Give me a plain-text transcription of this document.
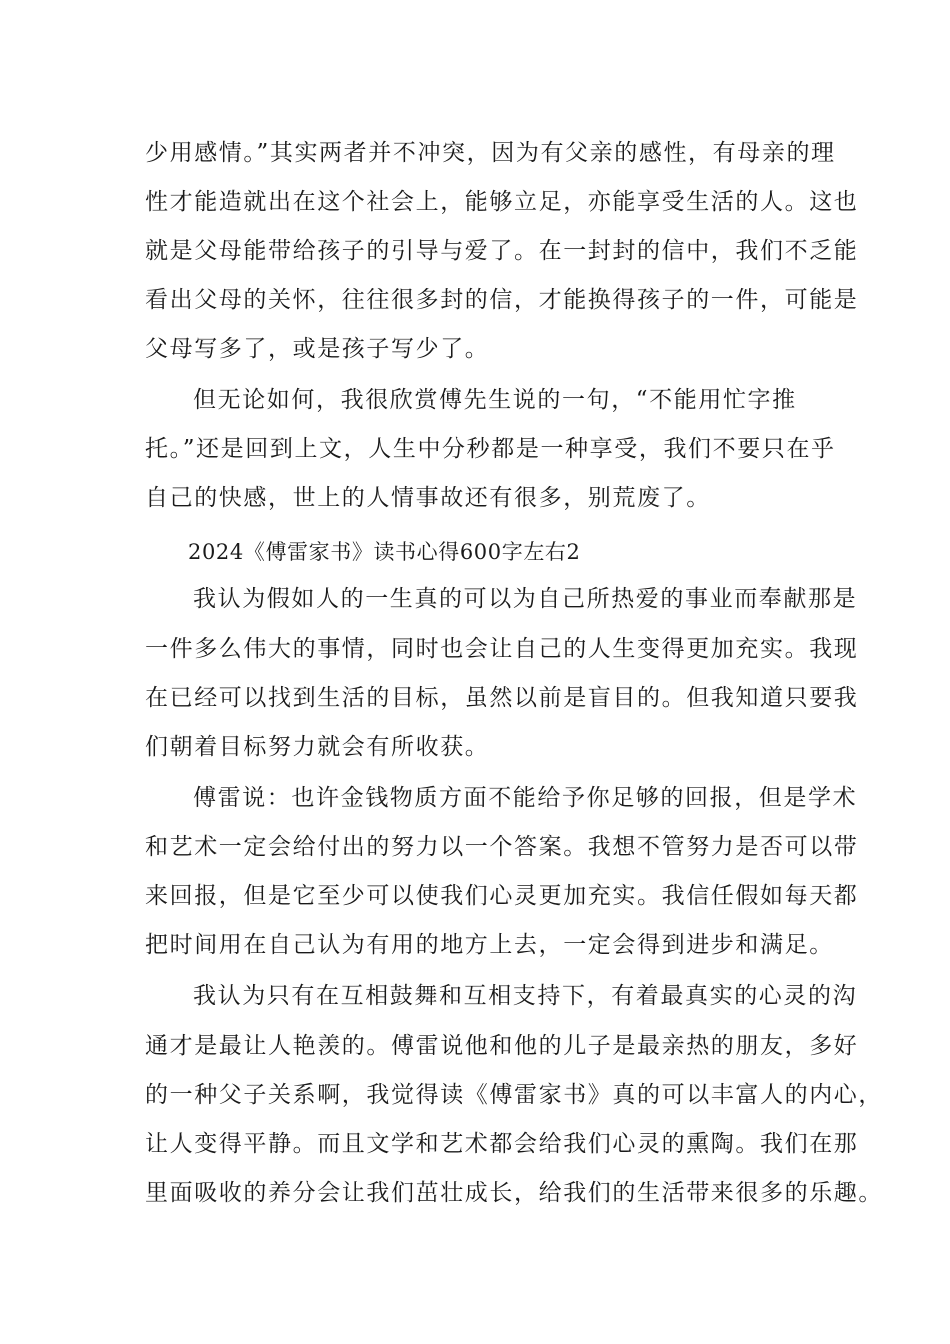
少用感情。”其实两者并不冲突，因为有父亲的感性，有母亲的理
性才能造就出在这个社会上，能够立足，亦能享受生活的人。这也
就是父母能带给孩子的引导与爱了。在一封封的信中，我们不乏能
看出父母的关怀，往往很多封的信，才能换得孩子的一件，可能是
父母写多了，或是孩子写少了。
但无论如何，我很欣赏傅先生说的一句，“不能用忙字推
托。”还是回到上文，人生中分秒都是一种享受，我们不要只在乎
自己的快感，世上的人情事故还有很多，别荒废了。
2024《傅雷家书》读书心得600字左右2
我认为假如人的一生真的可以为自己所热爱的事业而奉献那是
一件多么伟大的事情，同时也会让自己的人生变得更加充实。我现
在已经可以找到生活的目标，虽然以前是盲目的。但我知道只要我
们朝着目标努力就会有所收获。
傅雷说：也许金钱物质方面不能给予你足够的回报，但是学术
和艺术一定会给付出的努力以一个答案。我想不管努力是否可以带
来回报，但是它至少可以使我们心灵更加充实。我信任假如每天都
把时间用在自己认为有用的地方上去，一定会得到进步和满足。
我认为只有在互相鼓舞和互相支持下，有着最真实的心灵的沟
通才是最让人艳羡的。傅雷说他和他的儿子是最亲热的朋友，多好
的一种父子关系啊，我觉得读《傅雷家书》真的可以丰富人的内心，
让人变得平静。而且文学和艺术都会给我们心灵的熏陶。我们在那
里面吸收的养分会让我们茁壮成长，给我们的生活带来很多的乐趣。
